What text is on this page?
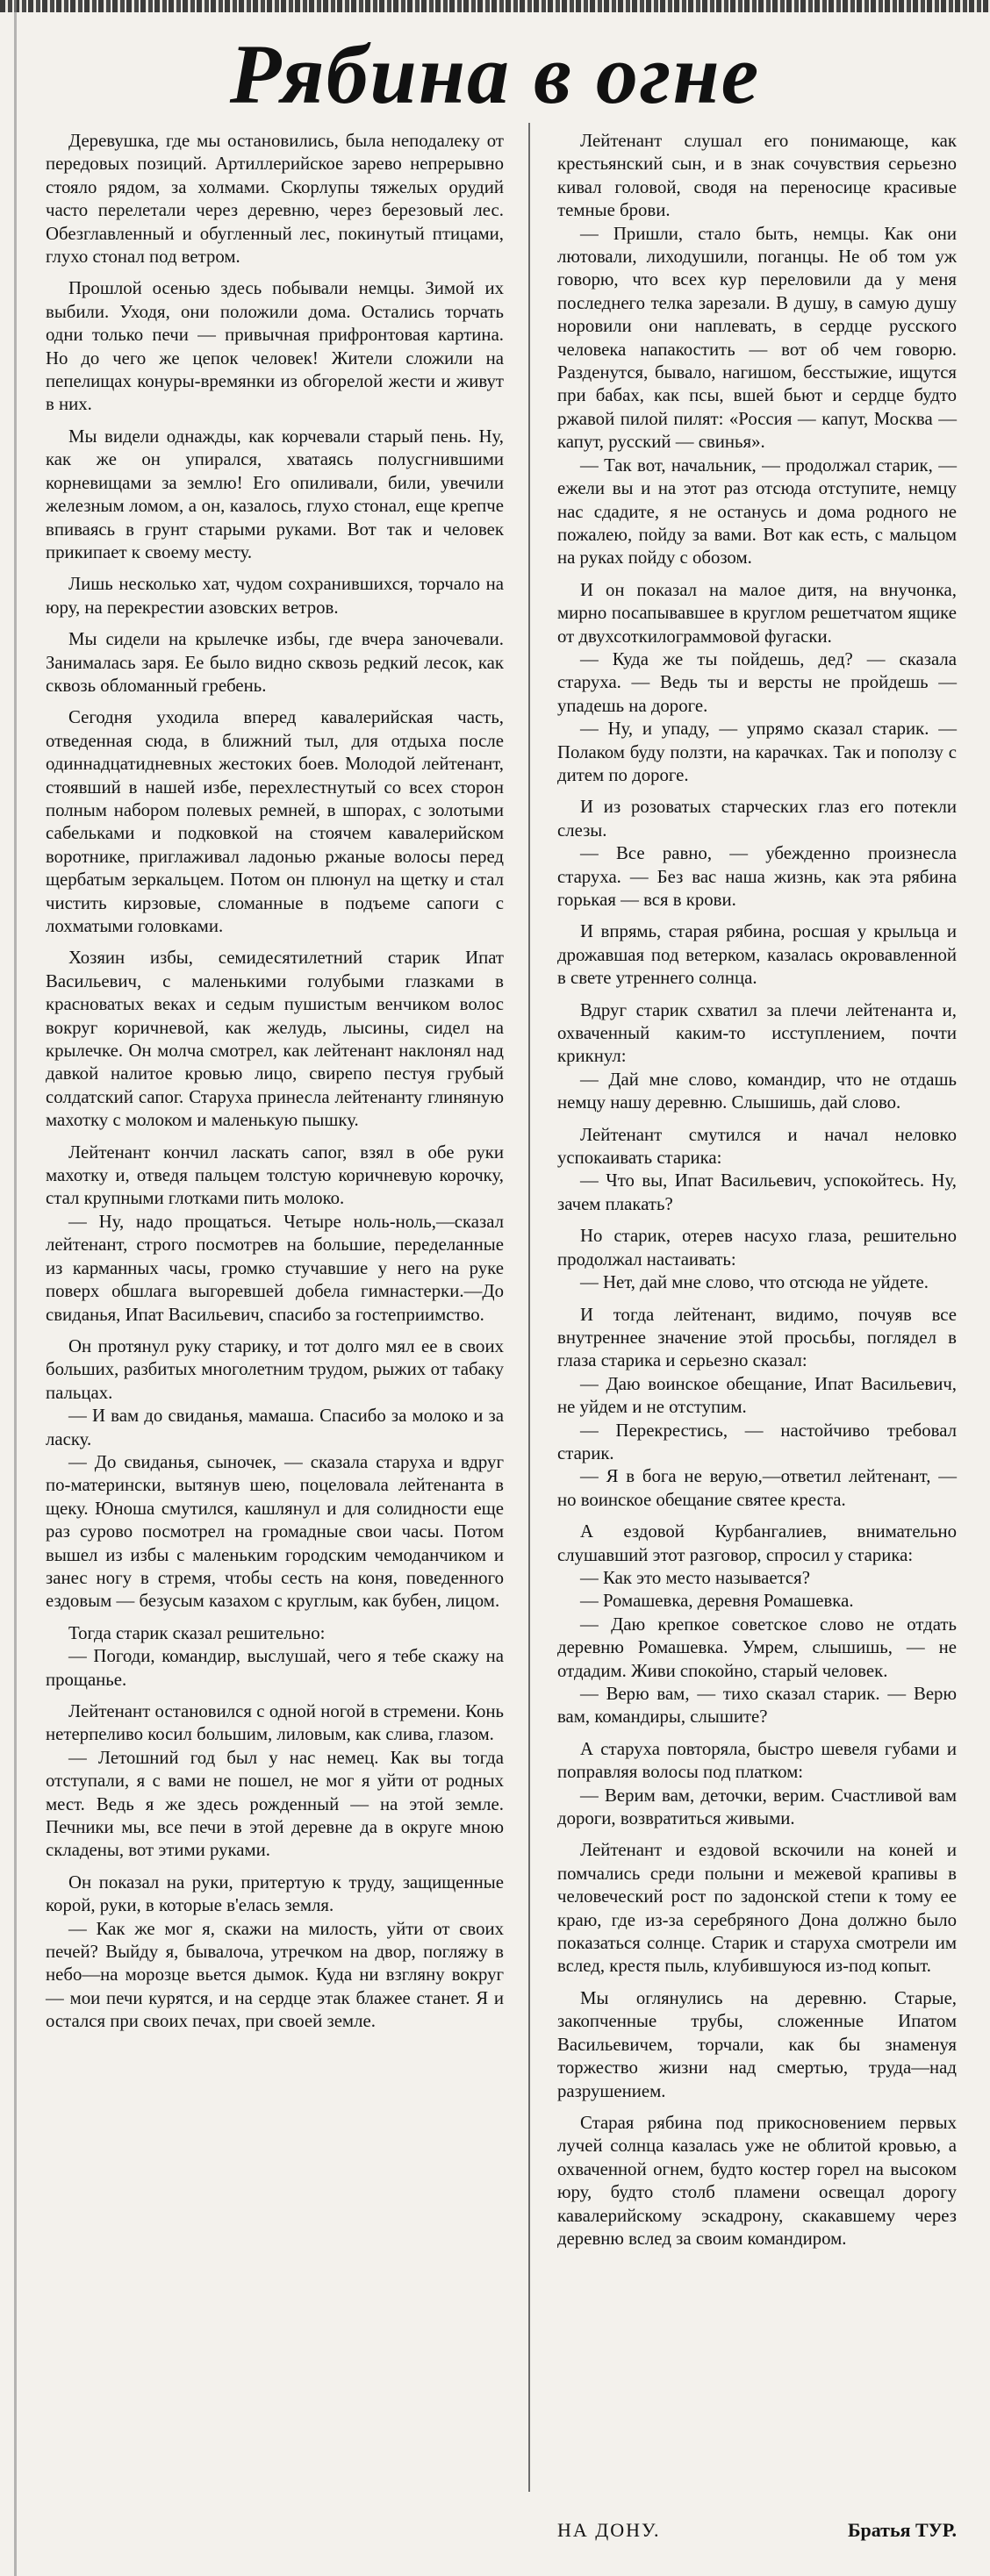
Рябина в огне

Деревушка, где мы остановились, была неподалеку от передовых позиций. Артиллерийское зарево непрерывно стояло рядом, за холмами. Скорлупы тяжелых орудий часто перелетали через деревню, через березовый лес. Обезглавленный и обугленный лес, покинутый птицами, глухо стонал под ветром.

Прошлой осенью здесь побывали немцы. Зимой их выбили. Уходя, они положили дома. Остались торчать одни только печи — привычная прифронтовая картина. Но до чего же цепок человек! Жители сложили на пепелищах конуры-времянки из обгорелой жести и живут в них.

Мы видели однажды, как корчевали старый пень. Ну, как же он упирался, хватаясь полусгнившими корневищами за землю! Его опиливали, били, увечили железным ломом, а он, казалось, глухо стонал, еще крепче впиваясь в грунт старыми руками. Вот так и человек прикипает к своему месту.

Лишь несколько хат, чудом сохранившихся, торчало на юру, на перекрестии азовских ветров.

Мы сидели на крылечке избы, где вчера заночевали. Занималась заря. Ее было видно сквозь редкий лесок, как сквозь обломанный гребень.

Сегодня уходила вперед кавалерийская часть, отведенная сюда, в ближний тыл, для отдыха после одиннадцатидневных жестоких боев. Молодой лейтенант, стоявший в нашей избе, перехлестнутый со всех сторон полным набором полевых ремней, в шпорах, с золотыми сабельками и подковкой на стоячем кавалерийском воротнике, приглаживал ладонью ржаные волосы перед щербатым зеркальцем. Потом он плюнул на щетку и стал чистить кирзовые, сломанные в подъеме сапоги с лохматыми головками.

Хозяин избы, семидесятилетний старик Ипат Васильевич, с маленькими голубыми глазками в красноватых веках и седым пушистым венчиком волос вокруг коричневой, как желудь, лысины, сидел на крылечке. Он молча смотрел, как лейтенант наклонял над давкой налитое кровью лицо, свирепо пестуя грубый солдатский сапог. Старуха принесла лейтенанту глиняную махотку с молоком и маленькую пышку.

Лейтенант кончил ласкать сапог, взял в обе руки махотку и, отведя пальцем толстую коричневую корочку, стал крупными глотками пить молоко.

— Ну, надо прощаться. Четыре ноль-ноль,—сказал лейтенант, строго посмотрев на большие, переделанные из карманных часы, громко стучавшие у него на руке поверх обшлага выгоревшей добела гимнастерки.—До свиданья, Ипат Васильевич, спасибо за гостеприимство.

Он протянул руку старику, и тот долго мял ее в своих больших, разбитых многолетним трудом, рыжих от табаку пальцах.

— И вам до свиданья, мамаша. Спасибо за молоко и за ласку.

— До свиданья, сыночек, — сказала старуха и вдруг по-матерински, вытянув шею, поцеловала лейтенанта в щеку. Юноша смутился, кашлянул и для солидности еще раз сурово посмотрел на громадные свои часы. Потом вышел из избы с маленьким городским чемоданчиком и занес ногу в стремя, чтобы сесть на коня, поведенного ездовым — безусым казахом с круглым, как бубен, лицом.

Тогда старик сказал решительно:

— Погоди, командир, выслушай, чего я тебе скажу на прощанье.

Лейтенант остановился с одной ногой в стремени. Конь нетерпеливо косил большим, лиловым, как слива, глазом.

— Летошний год был у нас немец. Как вы тогда отступали, я с вами не пошел, не мог я уйти от родных мест. Ведь я же здесь рожденный — на этой земле. Печники мы, все печи в этой деревне да в округе мною складены, вот этими руками.

Он показал на руки, притертую к труду, защищенные корой, руки, в которые в'елась земля.

— Как же мог я, скажи на милость, уйти от своих печей? Выйду я, бывалоча, утречком на двор, погляжу в небо—на морозце вьется дымок. Куда ни взгляну вокруг — мои печи курятся, и на сердце этак блажее станет. Я и остался при своих печах, при своей земле.

Лейтенант слушал его понимающе, как крестьянский сын, и в знак сочувствия серьезно кивал головой, сводя на переносице красивые темные брови.

— Пришли, стало быть, немцы. Как они лютовали, лиходушили, поганцы. Не об том уж говорю, что всех кур переловили да у меня последнего телка зарезали. В душу, в самую душу норовили они наплевать, в сердце русского человека напакостить — вот об чем говорю. Разденутся, бывало, нагишом, бесстыжие, ищутся при бабах, как псы, вшей бьют и сердце будто ржавой пилой пилят: «Россия — капут, Москва — капут, русский — свинья».

— Так вот, начальник, — продолжал старик, — ежели вы и на этот раз отсюда отступите, немцу нас сдадите, я не останусь и дома родного не пожалею, пойду за вами. Вот как есть, с мальцом на руках пойду с обозом.

И он показал на малое дитя, на внучонка, мирно посапывавшее в круглом решетчатом ящике от двухсоткилограммовой фугаски.

— Куда же ты пойдешь, дед? — сказала старуха. — Ведь ты и версты не пройдешь — упадешь на дороге.

— Ну, и упаду, — упрямо сказал старик. — Полаком буду ползти, на карачках. Так и поползу с дитем по дороге.

И из розоватых старческих глаз его потекли слезы.

— Все равно, — убежденно произнесла старуха. — Без вас наша жизнь, как эта рябина горькая — вся в крови.

И впрямь, старая рябина, росшая у крыльца и дрожавшая под ветерком, казалась окровавленной в свете утреннего солнца.

Вдруг старик схватил за плечи лейтенанта и, охваченный каким-то исступлением, почти крикнул:

— Дай мне слово, командир, что не отдашь немцу нашу деревню. Слышишь, дай слово.

Лейтенант смутился и начал неловко успокаивать старика:

— Что вы, Ипат Васильевич, успокойтесь. Ну, зачем плакать?

Но старик, отерев насухо глаза, решительно продолжал настаивать:

— Нет, дай мне слово, что отсюда не уйдете.

И тогда лейтенант, видимо, почуяв все внутреннее значение этой просьбы, поглядел в глаза старика и серьезно сказал:

— Даю воинское обещание, Ипат Васильевич, не уйдем и не отступим.

— Перекрестись, — настойчиво требовал старик.

— Я в бога не верую,—ответил лейтенант, — но воинское обещание святее креста.

А ездовой Курбангалиев, внимательно слушавший этот разговор, спросил у старика:

— Как это место называется?

— Ромашевка, деревня Ромашевка.

— Даю крепкое советское слово не отдать деревню Ромашевка. Умрем, слышишь, — не отдадим. Живи спокойно, старый человек.

— Верю вам, — тихо сказал старик. — Верю вам, командиры, слышите?

А старуха повторяла, быстро шевеля губами и поправляя волосы под платком:

— Верим вам, деточки, верим. Счастливой вам дороги, возвратиться живыми.

Лейтенант и ездовой вскочили на коней и помчались среди полыни и межевой крапивы в человеческий рост по задонской степи к тому ее краю, где из-за серебряного Дона должно было показаться солнце. Старик и старуха смотрели им вслед, крестя пыль, клубившуюся из-под копыт.

Мы оглянулись на деревню. Старые, закопченные трубы, сложенные Ипатом Васильевичем, торчали, как бы знаменуя торжество жизни над смертью, труда—над разрушением.

Старая рябина под прикосновением первых лучей солнца казалась уже не облитой кровью, а охваченной огнем, будто костер горел на высоком юру, будто столб пламени освещал дорогу кавалерийскому эскадрону, скакавшему через деревню вслед за своим командиром.

НА ДОНУ.	Братья ТУР.
